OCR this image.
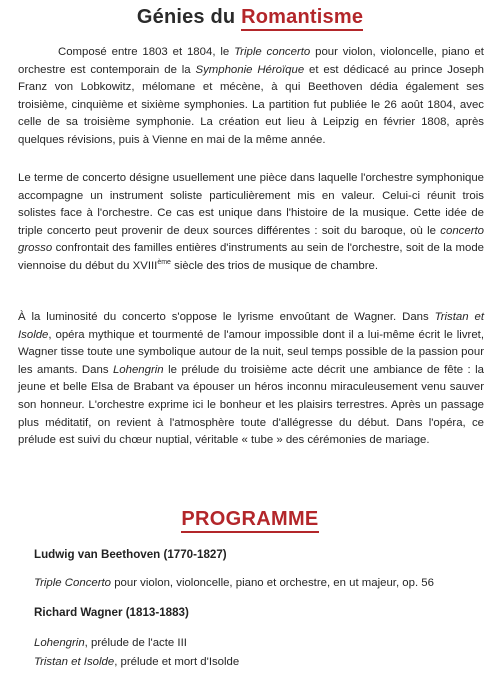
Génies du Romantisme
Composé entre 1803 et 1804, le Triple concerto pour violon, violoncelle, piano et orchestre est contemporain de la Symphonie Héroïque et est dédicacé au prince Joseph Franz von Lobkowitz, mélomane et mécène, à qui Beethoven dédia également ses troisième, cinquième et sixième symphonies. La partition fut publiée le 26 août 1804, avec celle de sa troisième symphonie. La création eut lieu à Leipzig en février 1808, après quelques révisions, puis à Vienne en mai de la même année.
Le terme de concerto désigne usuellement une pièce dans laquelle l'orchestre symphonique accompagne un instrument soliste particulièrement mis en valeur. Celui-ci réunit trois solistes face à l'orchestre. Ce cas est unique dans l'histoire de la musique. Cette idée de triple concerto peut provenir de deux sources différentes : soit du baroque, où le concerto grosso confrontait des familles entières d'instruments au sein de l'orchestre, soit de la mode viennoise du début du XVIIIème siècle des trios de musique de chambre.
À la luminosité du concerto s'oppose le lyrisme envoûtant de Wagner. Dans Tristan et Isolde, opéra mythique et tourmenté de l'amour impossible dont il a lui-même écrit le livret, Wagner tisse toute une symbolique autour de la nuit, seul temps possible de la passion pour les amants. Dans Lohengrin le prélude du troisième acte décrit une ambiance de fête : la jeune et belle Elsa de Brabant va épouser un héros inconnu miraculeusement venu sauver son honneur. L'orchestre exprime ici le bonheur et les plaisirs terrestres. Après un passage plus méditatif, on revient à l'atmosphère toute d'allégresse du début. Dans l'opéra, ce prélude est suivi du chœur nuptial, véritable « tube » des cérémonies de mariage.
PROGRAMME
Ludwig van Beethoven (1770-1827)
Triple Concerto pour violon, violoncelle, piano et orchestre, en ut majeur, op. 56
Richard Wagner (1813-1883)
Lohengrin, prélude de l'acte III
Tristan et Isolde, prélude et mort d'Isolde
